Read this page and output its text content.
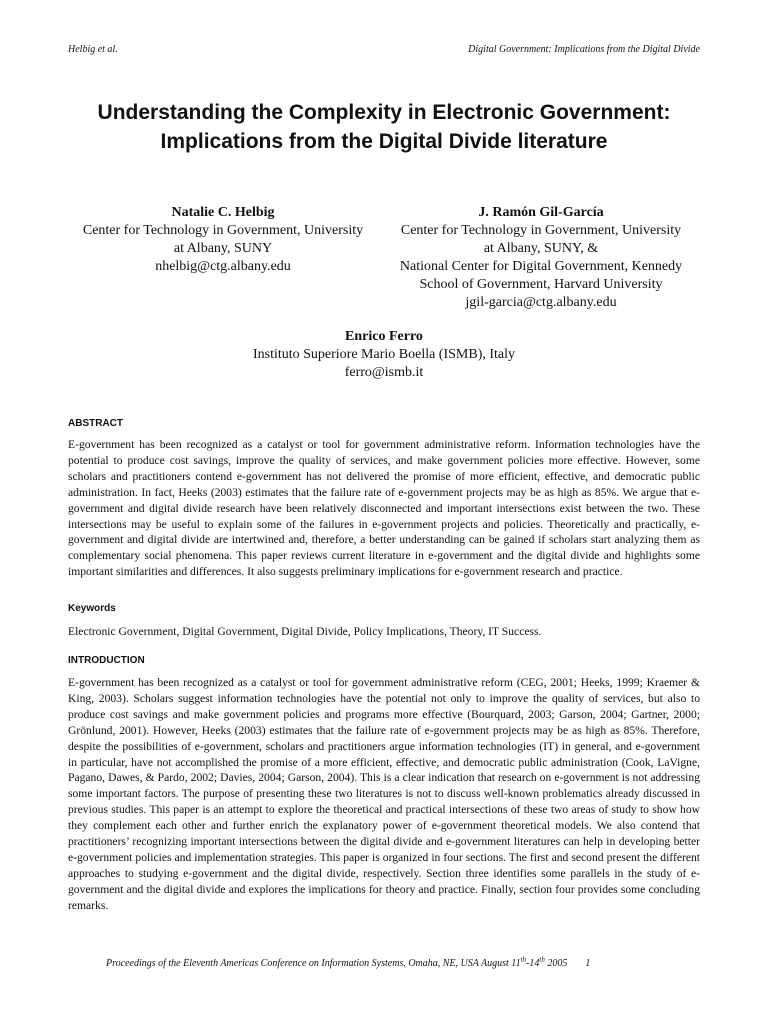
Helbig et al.	Digital Government: Implications from the Digital Divide
Understanding the Complexity in Electronic Government:
Implications from the Digital Divide literature
Natalie C. Helbig
Center for Technology in Government, University
at Albany, SUNY
nhelbig@ctg.albany.edu
J. Ramón Gil-García
Center for Technology in Government, University
at Albany, SUNY, &
National Center for Digital Government, Kennedy
School of Government, Harvard University
jgil-garcia@ctg.albany.edu
Enrico Ferro
Instituto Superiore Mario Boella (ISMB), Italy
ferro@ismb.it
ABSTRACT

E-government has been recognized as a catalyst or tool for government administrative reform. Information technologies have the potential to produce cost savings, improve the quality of services, and make government policies more effective. However, some scholars and practitioners contend e-government has not delivered the promise of more efficient, effective, and democratic public administration. In fact, Heeks (2003) estimates that the failure rate of e-government projects may be as high as 85%. We argue that e-government and digital divide research have been relatively disconnected and important intersections exist between the two. These intersections may be useful to explain some of the failures in e-government projects and policies. Theoretically and practically, e-government and digital divide are intertwined and, therefore, a better understanding can be gained if scholars start analyzing them as complementary social phenomena. This paper reviews current literature in e-government and the digital divide and highlights some important similarities and differences. It also suggests preliminary implications for e-government research and practice.

Keywords

Electronic Government, Digital Government, Digital Divide, Policy Implications, Theory, IT Success.

INTRODUCTION

E-government has been recognized as a catalyst or tool for government administrative reform (CEG, 2001; Heeks, 1999; Kraemer & King, 2003). Scholars suggest information technologies have the potential not only to improve the quality of services, but also to produce cost savings and make government policies and programs more effective (Bourquard, 2003; Garson, 2004; Gartner, 2000; Grönlund, 2001). However, Heeks (2003) estimates that the failure rate of e-government projects may be as high as 85%. Therefore, despite the possibilities of e-government, scholars and practitioners argue information technologies (IT) in general, and e-government in particular, have not accomplished the promise of a more efficient, effective, and democratic public administration (Cook, LaVigne, Pagano, Dawes, & Pardo, 2002; Davies, 2004; Garson, 2004). This is a clear indication that research on e-government is not addressing some important factors. The purpose of presenting these two literatures is not to discuss well-known problematics already discussed in previous studies. This paper is an attempt to explore the theoretical and practical intersections of these two areas of study to show how they complement each other and further enrich the explanatory power of e-government theoretical models. We also contend that practitioners’ recognizing important intersections between the digital divide and e-government literatures can help in developing better e-government policies and implementation strategies. This paper is organized in four sections. The first and second present the different approaches to studying e-government and the digital divide, respectively. Section three identifies some parallels in the study of e-government and the digital divide and explores the implications for theory and practice. Finally, section four provides some concluding remarks.

Proceedings of the Eleventh Americas Conference on Information Systems, Omaha, NE, USA August 11th-14th 2005 1
